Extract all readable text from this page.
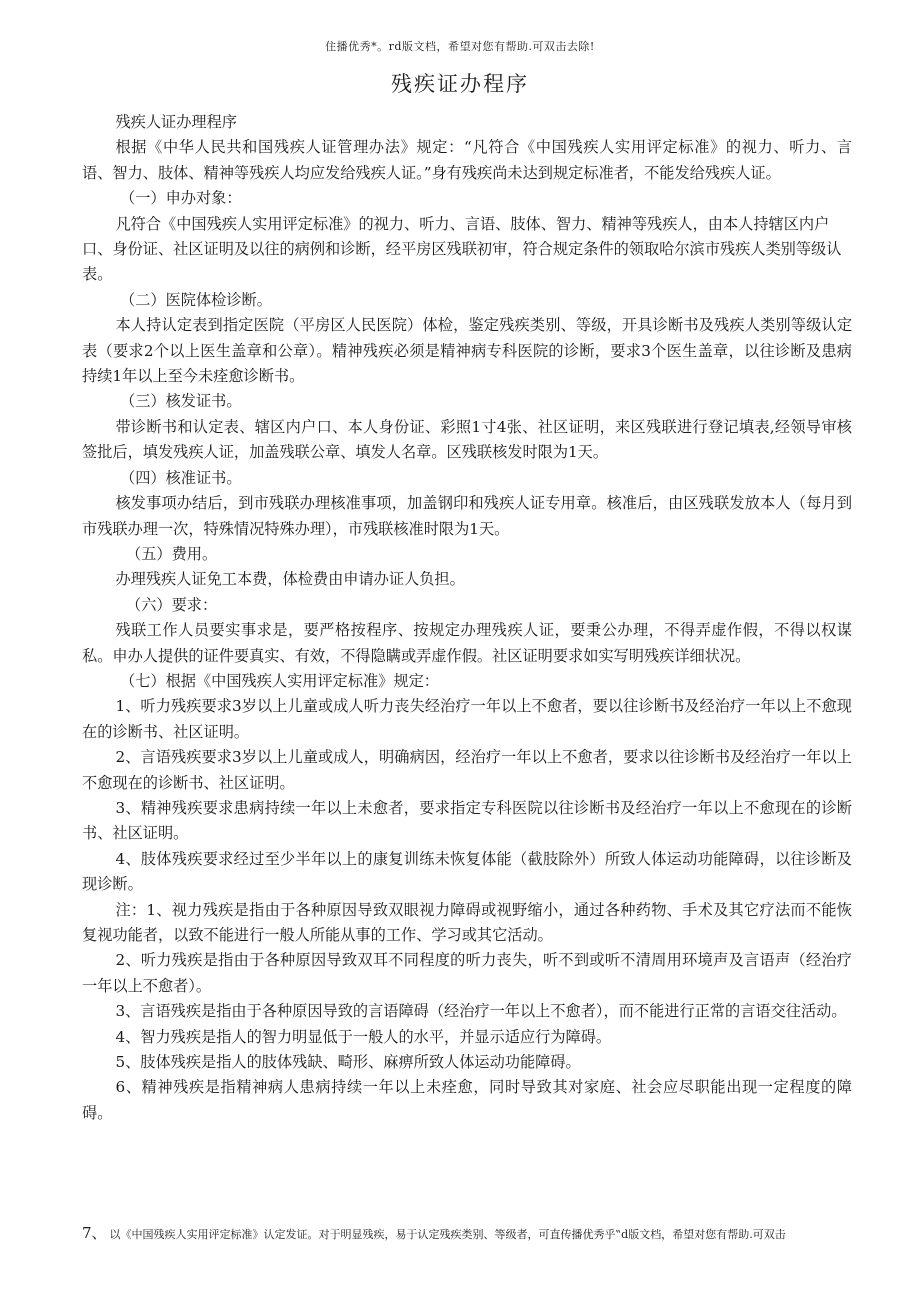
住播优秀*。rd版文档，希望对您有帮助.可双击去除!
残疾证办程序

残疾人证办理程序

根据《中华人民共和国残疾人证管理办法》规定：“凡符合《中国残疾人实用评定标准》的视力、听力、言语、智力、肢体、精神等残疾人均应发给残疾人证。”身有残疾尚未达到规定标准者，不能发给残疾人证。

（一）申办对象：

凡符合《中国残疾人实用评定标准》的视力、听力、言语、肢体、智力、精神等残疾人，由本人持辖区内户口、身份证、社区证明及以往的病例和诊断，经平房区残联初审，符合规定条件的领取哈尔滨市残疾人类别等级认表。

（二）医院体检诊断。

本人持认定表到指定医院（平房区人民医院）体检，鉴定残疾类别、等级，开具诊断书及残疾人类别等级认定表（要求2个以上医生盖章和公章）。精神残疾必须是精神病专科医院的诊断，要求3个医生盖章，以往诊断及患病持续1年以上至今未痊愈诊断书。

（三）核发证书。

带诊断书和认定表、辖区内户口、本人身份证、彩照1寸4张、社区证明，来区残联进行登记填表,经领导审核签批后，填发残疾人证，加盖残联公章、填发人名章。区残联核发时限为1天。

（四）核准证书。

核发事项办结后，到市残联办理核准事项，加盖钢印和残疾人证专用章。核准后，由区残联发放本人（每月到市残联办理一次，特殊情况特殊办理），市残联核准时限为1天。

（五）费用。

办理残疾人证免工本费，体检费由申请办证人负担。

（六）要求：

残联工作人员要实事求是，要严格按程序、按规定办理残疾人证，要秉公办理，不得弄虚作假，不得以权谋私。申办人提供的证件要真实、有效，不得隐瞒或弄虚作假。社区证明要求如实写明残疾详细状况。

（七）根据《中国残疾人实用评定标准》规定：

1、听力残疾要求3岁以上儿童或成人听力丧失经治疗一年以上不愈者，要以往诊断书及经治疗一年以上不愈现在的诊断书、社区证明。

2、言语残疾要求3岁以上儿童或成人，明确病因，经治疗一年以上不愈者，要求以往诊断书及经治疗一年以上不愈现在的诊断书、社区证明。

3、精神残疾要求患病持续一年以上未愈者，要求指定专科医院以往诊断书及经治疗一年以上不愈现在的诊断书、社区证明。

4、肢体残疾要求经过至少半年以上的康复训练未恢复体能（截肢除外）所致人体运动功能障碍，以往诊断及现诊断。

注：1、视力残疾是指由于各种原因导致双眼视力障碍或视野缩小，通过各种药物、手术及其它疗法而不能恢复视功能者，以致不能进行一般人所能从事的工作、学习或其它活动。

2、听力残疾是指由于各种原因导致双耳不同程度的听力丧失，听不到或听不清周用环境声及言语声（经治疗一年以上不愈者）。

3、言语残疾是指由于各种原因导致的言语障碍（经治疗一年以上不愈者），而不能进行正常的言语交往活动。

4、智力残疾是指人的智力明显低于一般人的水平，并显示适应行为障碍。

5、肢体残疾是指人的肢体残缺、畸形、麻痹所致人体运动功能障碍。

6、精神残疾是指精神病人患病持续一年以上未痊愈，同时导致其对家庭、社会应尽职能出现一定程度的障碍。

7、 以《中国残疾人实用评定标准》认定发证。对于明显残疾，易于认定残疾类别、等级者，可直传播优秀乎‟d版文档，希望对您有帮助.可双击
